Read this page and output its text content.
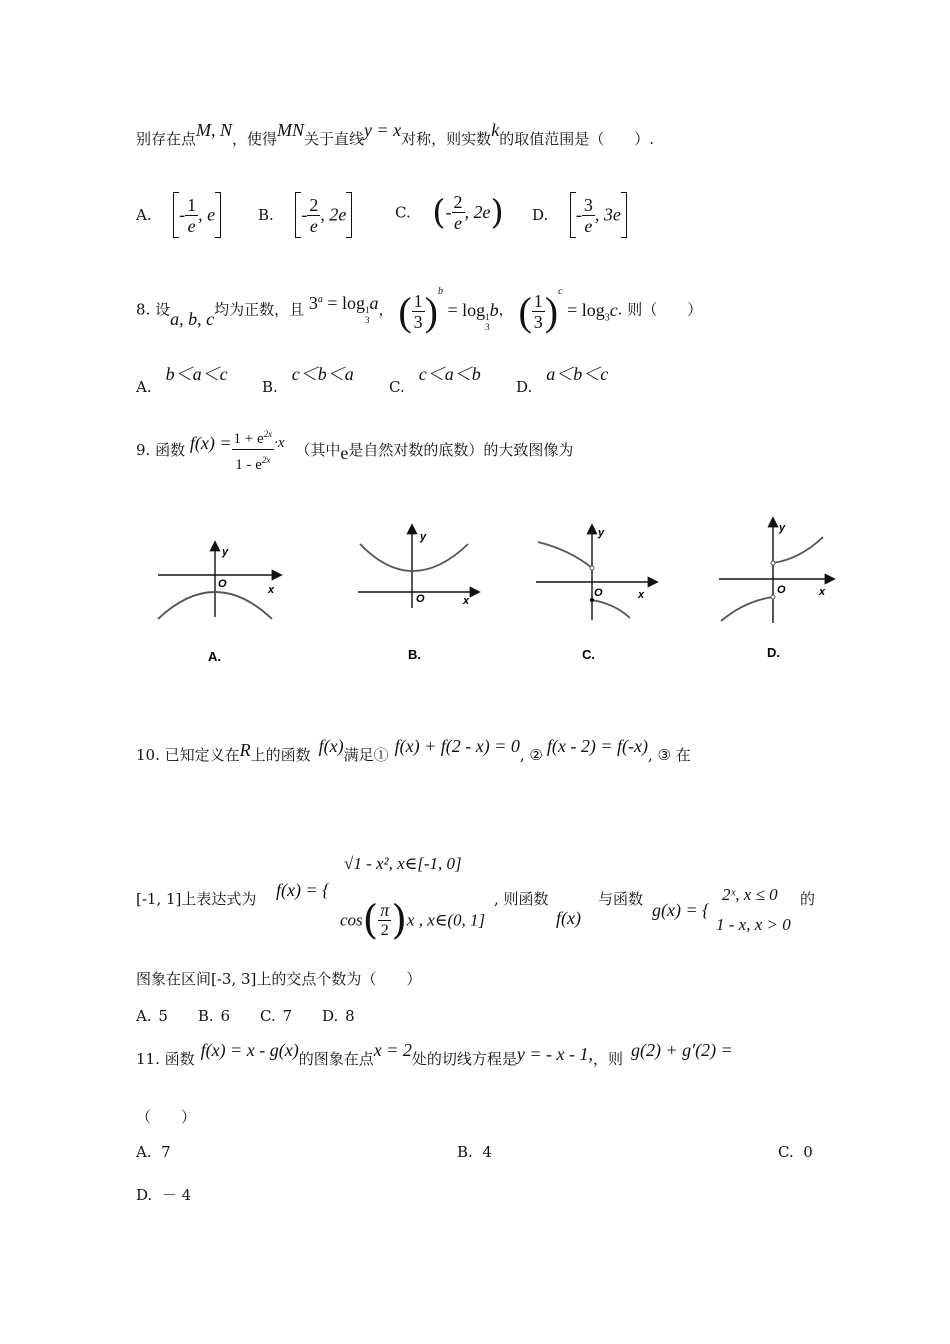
别存在点M, N，使得MN关于直线y = x对称，则实数k的取值范围是（　　）.
A. - $\frac{1}{e}$ , e	B. - $\frac{2}{e}$ , 2e	C. (- $\frac{2}{e}$ , 2e) D. - $\frac{3}{e}$ , 3e
8. 设a, b, c均为正数，且 $3^a = \log_{1 3}a$， ( $\frac{1}{3} )^b = \log_{1 3}b$， ( $\frac{1}{3} )^c = \log_3c$. 则（　　）
A.b＜a＜c
B.c＜b＜a
C.c＜a＜b
D.a＜b＜c
9. 函数 $f(x) = \frac{1 + e^{2x}}{1 - e^{2x}} \cdot x$ （其中e是自然对数的底数）的大致图像为
y
x
O
A.
y
x
O
B.
y
x
O
C.
y
x
O
D.
10. 已知定义在R上的函数 f(x)满足① f(x) + f(2 - x) = 0, ② f(x - 2) = f(-x), ③ 在
[-1, 1]上表达式为 f(x) = {
√1 - x², x∈[-1, 0]
$\cos( \frac{\pi}{2} )x$ , x∈(0, 1]
, 则函数
f(x)
与函数
g(x) = {
2ˣ, x ≤ 0
1 - x, x > 0
的
图象在区间[-3, 3]上的交点个数为（　　）
A. 5　　B. 6　　C. 7　　D. 8
11. 函数 f(x) = x - g(x)的图象在点x = 2处的切线方程是y = - x - 1,，则 g(2) + g′(2) =
（　　）
A. 7	B. 4	C. 0
D. － 4
